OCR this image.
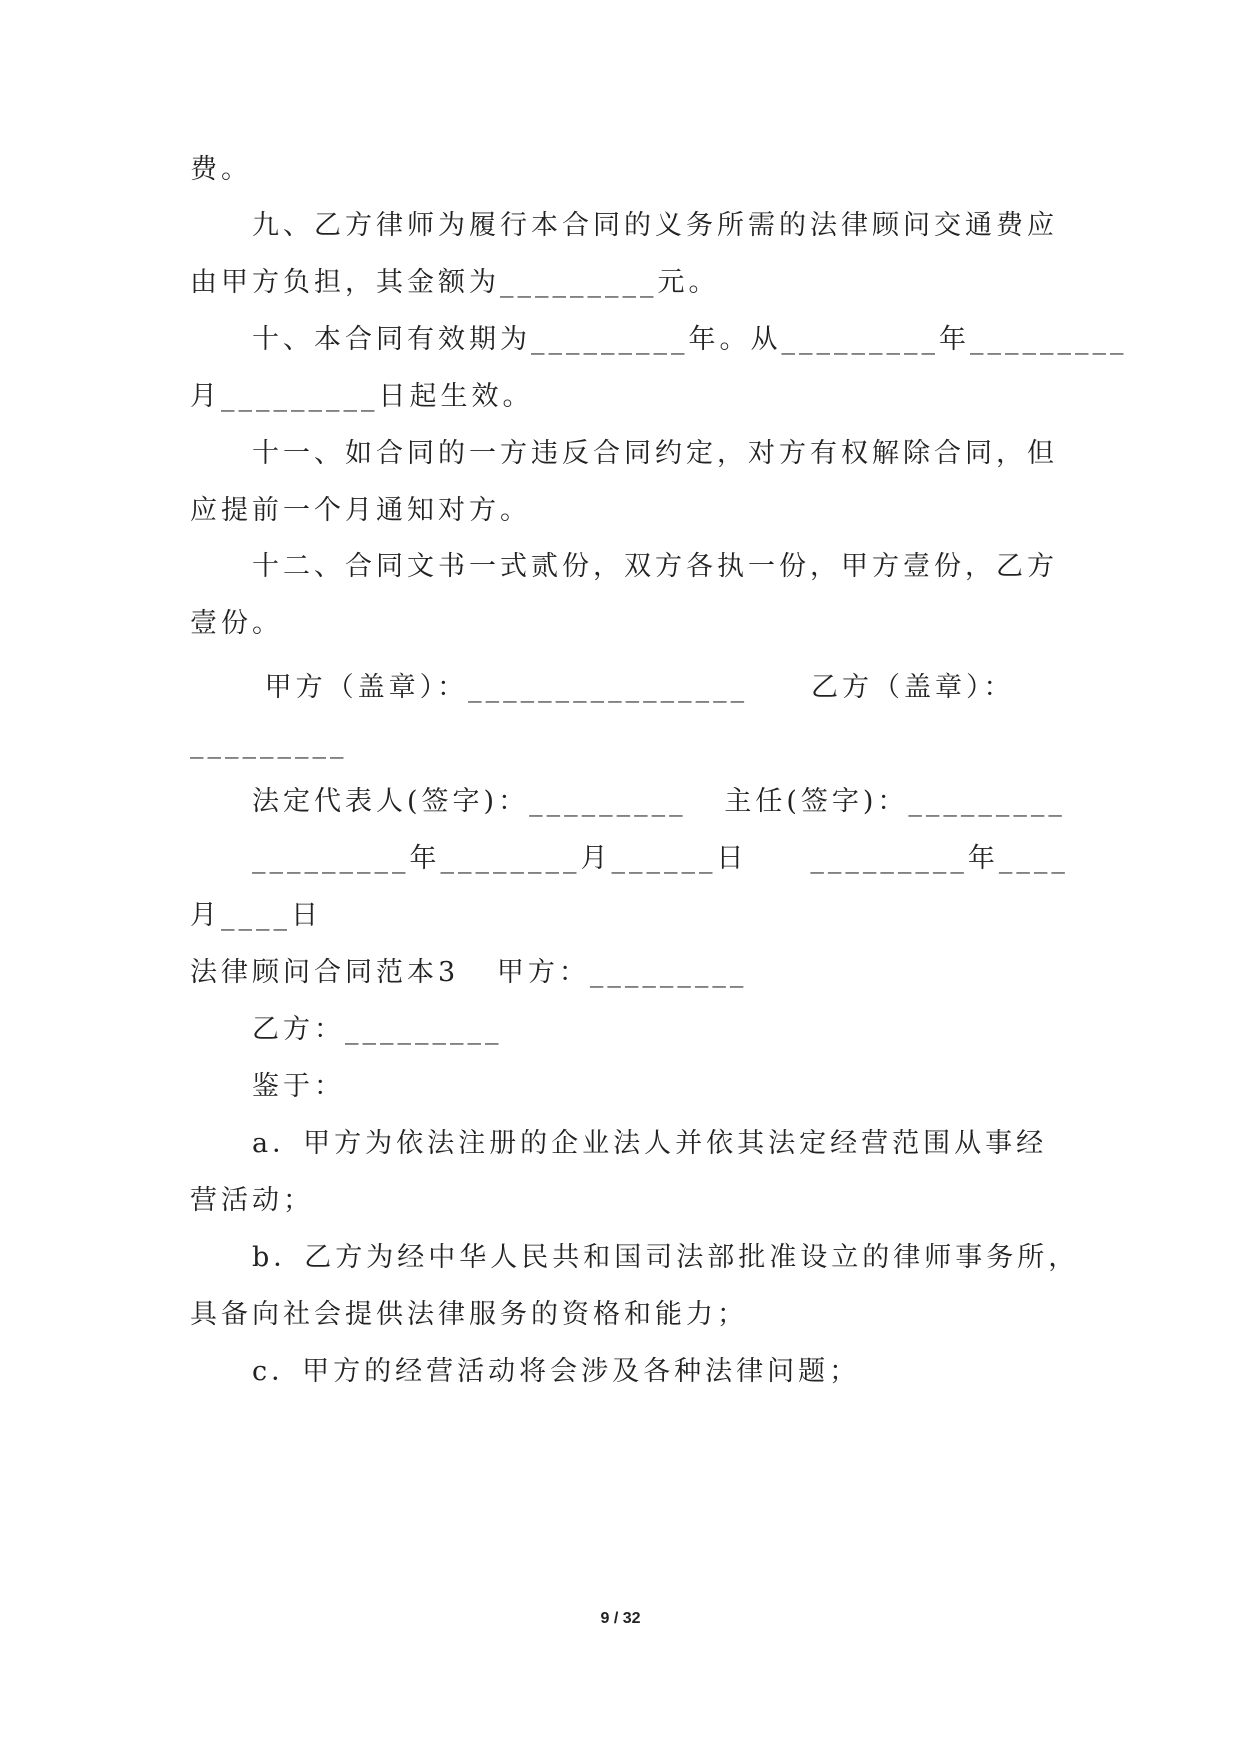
费。
九、乙方律师为履行本合同的义务所需的法律顾问交通费应
由甲方负担，其金额为_________元。
十、本合同有效期为_________年。从_________年_________
月_________日起生效。
十一、如合同的一方违反合同约定，对方有权解除合同，但
应提前一个月通知对方。
十二、合同文书一式贰份，双方各执一份，甲方壹份，乙方
壹份。
甲方（盖章）：________________     乙方（盖章）：
_________
法定代表人(签字)：_________   主任(签字)：_________
_________年________月______日     _________年____
月____日
法律顾问合同范本3   甲方：_________
乙方：_________
鉴于：
a．甲方为依法注册的企业法人并依其法定经营范围从事经
营活动；
b．乙方为经中华人民共和国司法部批准设立的律师事务所，
具备向社会提供法律服务的资格和能力；
c．甲方的经营活动将会涉及各种法律问题；
9 / 32
